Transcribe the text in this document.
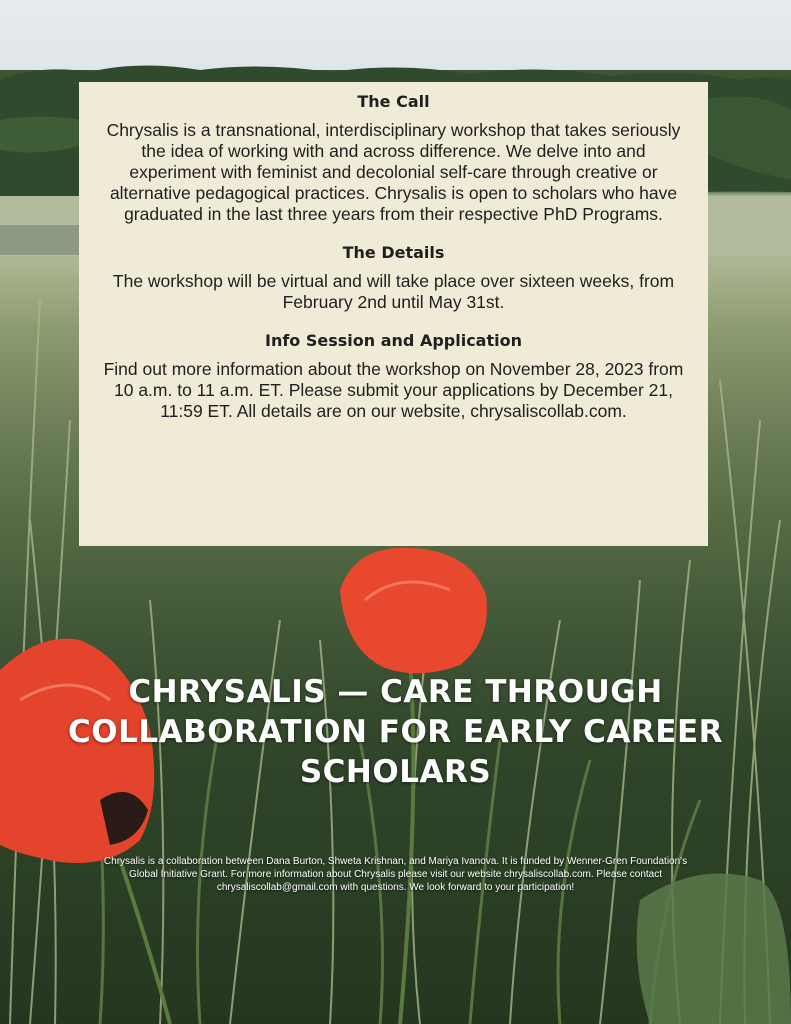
The Call

Chrysalis is a transnational, interdisciplinary workshop that takes seriously the idea of working with and across difference. We delve into and experiment with feminist and decolonial self-care through creative or alternative pedagogical practices. Chrysalis is open to scholars who have graduated in the last three years from their respective PhD Programs.

The Details

The workshop will be virtual and will take place over sixteen weeks, from February 2nd until May 31st.

Info Session and Application

Find out more information about the workshop on November 28, 2023 from 10 a.m. to 11 a.m. ET. Please submit your applications by December 21, 11:59 ET. All details are on our website, chrysaliscollab.com.

CHRYSALIS — CARE THROUGH COLLABORATION FOR EARLY CAREER SCHOLARS
Chrysalis is a collaboration between Dana Burton, Shweta Krishnan, and Mariya Ivanova. It is funded by Wenner-Gren Foundation's Global Initiative Grant. For more information about Chrysalis please visit our website chrysaliscollab.com. Please contact chrysaliscollab@gmail.com with questions. We look forward to your participation!
